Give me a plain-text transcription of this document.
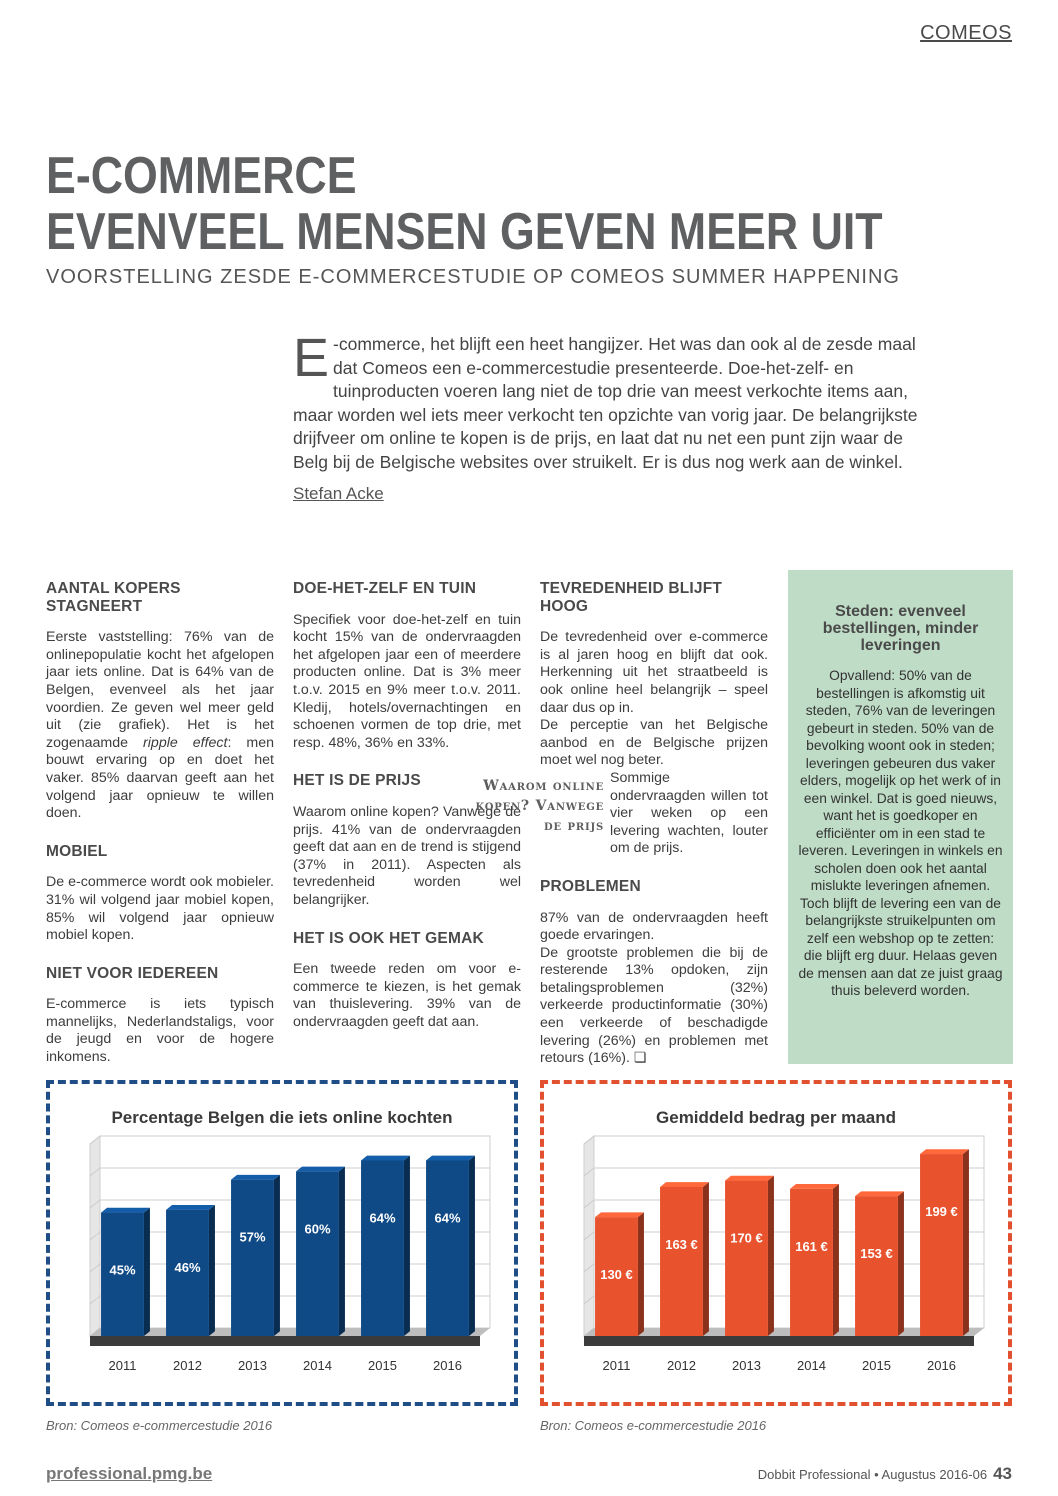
COMEOS
E-COMMERCE
EVENVEEL MENSEN GEVEN MEER UIT
VOORSTELLING ZESDE E-COMMERCESTUDIE OP COMEOS SUMMER HAPPENING
E -commerce, het blijft een heet hangijzer. Het was dan ook al de zesde maal dat Comeos een e-commercestudie presenteerde. Doe-het-zelf- en tuinproducten voeren lang niet de top drie van meest verkochte items aan, maar worden wel iets meer verkocht ten opzichte van vorig jaar. De belangrijkste drijfveer om online te kopen is de prijs, en laat dat nu net een punt zijn waar de Belg bij de Belgische websites over struikelt. Er is dus nog werk aan de winkel.
Stefan Acke
AANTAL KOPERS STAGNEERT

Eerste vaststelling: 76% van de onlinepopulatie kocht het afgelopen jaar iets online. Dat is 64% van de Belgen, evenveel als het jaar voordien. Ze geven wel meer geld uit (zie grafiek). Het is het zogenaamde ripple effect: men bouwt ervaring op en doet het vaker. 85% daarvan geeft aan het volgend jaar opnieuw te willen doen.

MOBIEL

De e-commerce wordt ook mobieler. 31% wil volgend jaar mobiel kopen, 85% wil volgend jaar opnieuw mobiel kopen.

NIET VOOR IEDEREEN

E-commerce is iets typisch mannelijks, Nederlandstaligs, voor de jeugd en voor de hogere inkomens.

DOE-HET-ZELF EN TUIN

Specifiek voor doe-het-zelf en tuin kocht 15% van de ondervraagden het afgelopen jaar een of meerdere producten online. Dat is 3% meer t.o.v. 2015 en 9% meer t.o.v. 2011. Kledij, hotels/overnachtingen en schoenen vormen de top drie, met resp. 48%, 36% en 33%.

HET IS DE PRIJS

Waarom online kopen? Vanwege de prijs. 41% van de ondervraagden geeft dat aan en de trend is stijgend (37% in 2011). Aspecten als tevredenheid worden wel belangrijker.

HET IS OOK HET GEMAK

Een tweede reden om voor e-commerce te kiezen, is het gemak van thuislevering. 39% van de ondervraagden geeft dat aan.

TEVREDENHEID BLIJFT HOOG

De tevredenheid over e-commerce is al jaren hoog en blijft dat ook. Herkenning uit het straatbeeld is ook online heel belangrijk – speel daar dus op in.

De perceptie van het Belgische aanbod en de Belgische prijzen moet wel nog beter.

Sommige ondervraagden willen tot vier weken op een levering wachten, louter om de prijs.

PROBLEMEN

87% van de ondervraagden heeft goede ervaringen.

De grootste problemen die bij de resterende 13% opdoken, zijn betalingsproblemen (32%) verkeerde productinformatie (30%) een verkeerde of beschadigde levering (26%) en problemen met retours (16%). ❏

Waarom online kopen? Vanwege de prijs
Steden: evenveel bestellingen, minder leveringen
Opvallend: 50% van de bestellingen is afkomstig uit steden, 76% van de leveringen gebeurt in steden. 50% van de bevolking woont ook in steden; leveringen gebeuren dus vaker elders, mogelijk op het werk of in een winkel. Dat is goed nieuws, want het is goedkoper en efficiënter om in een stad te leveren. Leveringen in winkels en scholen doen ook het aantal mislukte leveringen afnemen. Toch blijft de levering een van de belangrijkste struikelpunten om zelf een webshop op te zetten: die blijft erg duur. Helaas geven de mensen aan dat ze juist graag thuis beleverd worden.
Percentage Belgen die iets online kochten
45%
2011
46%
2012
57%
2013
60%
2014
64%
2015
64%
2016
Gemiddeld bedrag per maand
130 €
2011
163 €
2012
170 €
2013
161 €
2014
153 €
2015
199 €
2016
Bron: Comeos e-commercestudie 2016	Bron: Comeos e-commercestudie 2016
professional.pmg.be	Dobbit Professional • Augustus 2016-06 43
